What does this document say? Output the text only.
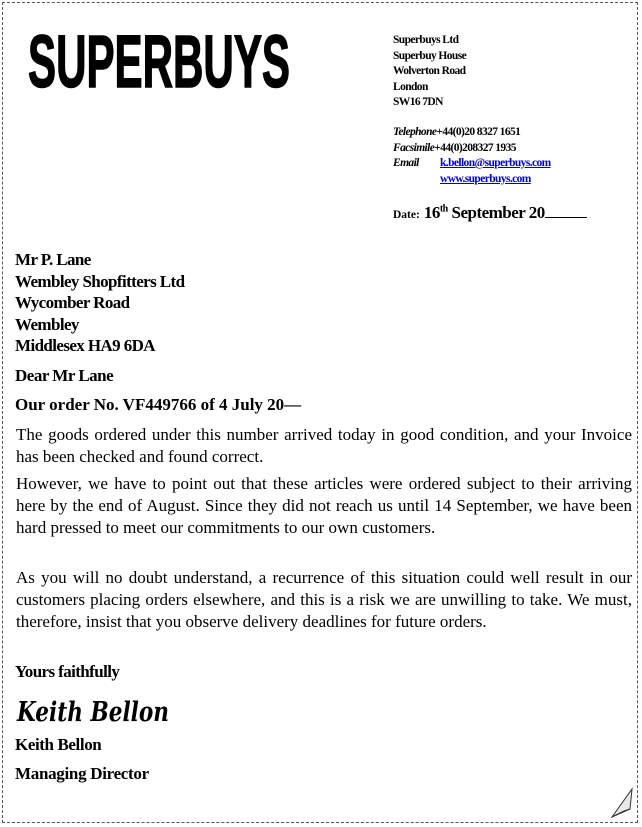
SUPERBUYS	Superbuys Ltd
Superbuy House
Wolverton Road
London
SW16 7DN
Telephone +44(0)20 8327 1651
Facsimile +44(0)208327 1935
Email	k.bellon@superbuys.com
www.superbuys.com
Date: 16th September 20
Mr P. Lane
Wembley Shopfitters Ltd
Wycomber Road
Wembley
Middlesex HA9 6DA
Dear Mr Lane
Our order No. VF449766 of 4 July 20—
The goods ordered under this number arrived today in good condition, and your Invoice has been checked and found correct.
However, we have to point out that these articles were ordered subject to their arriving here by the end of August. Since they did not reach us until 14 September, we have been hard pressed to meet our commitments to our own customers.
As you will no doubt understand, a recurrence of this situation could well result in our customers placing orders elsewhere, and this is a risk we are unwilling to take. We must, therefore, insist that you observe delivery deadlines for future orders.
Yours faithfully
Keith Bellon
Keith Bellon
Managing Director
